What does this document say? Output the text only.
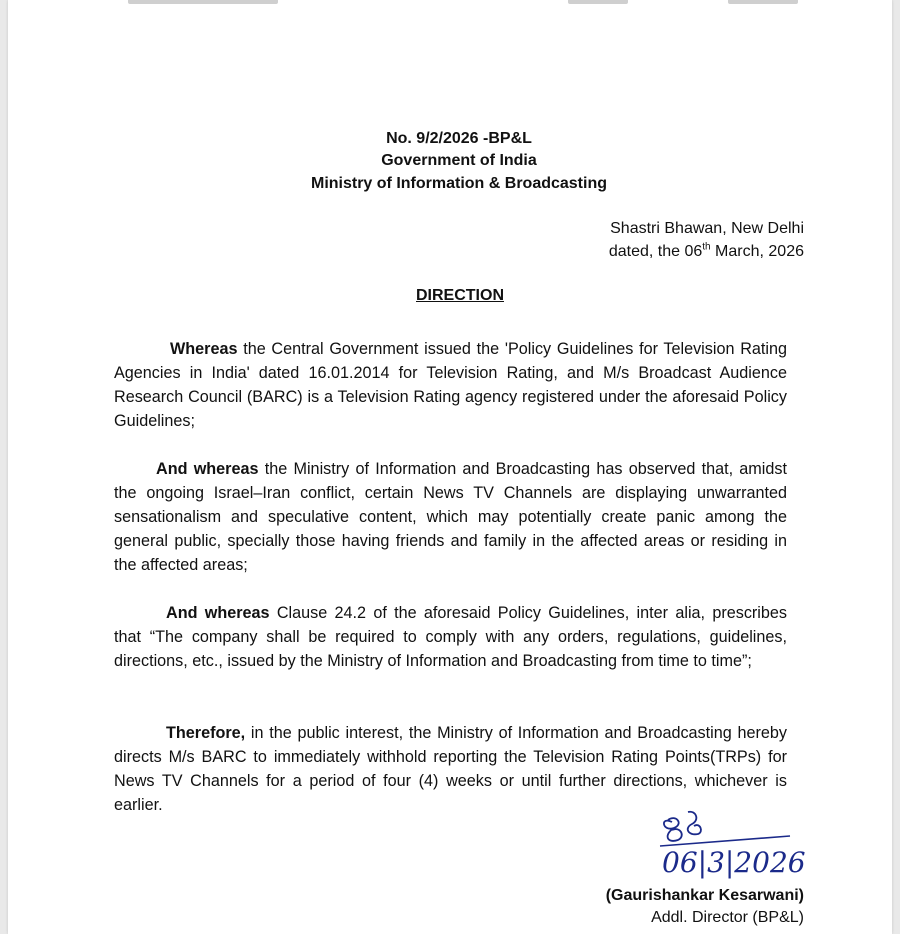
No. 9/2/2026 -BP&L
Government of India
Ministry of Information & Broadcasting
Shastri Bhawan, New Delhi
dated, the 06th March, 2026
DIRECTION
Whereas the Central Government issued the 'Policy Guidelines for Television Rating Agencies in India' dated 16.01.2014 for Television Rating, and M/s Broadcast Audience Research Council (BARC) is a Television Rating agency registered under the aforesaid Policy Guidelines;
And whereas the Ministry of Information and Broadcasting has observed that, amidst the ongoing Israel–Iran conflict, certain News TV Channels are displaying unwarranted sensationalism and speculative content, which may potentially create panic among the general public, specially those having friends and family in the affected areas or residing in the affected areas;
And whereas Clause 24.2 of the aforesaid Policy Guidelines, inter alia, prescribes that “The company shall be required to comply with any orders, regulations, guidelines, directions, etc., issued by the Ministry of Information and Broadcasting from time to time”;
Therefore, in the public interest, the Ministry of Information and Broadcasting hereby directs M/s BARC to immediately withhold reporting the Television Rating Points(TRPs) for News TV Channels for a period of four (4) weeks or until further directions, whichever is earlier.
06|3|2026
(Gaurishankar Kesarwani)
Addl. Director (BP&L)
